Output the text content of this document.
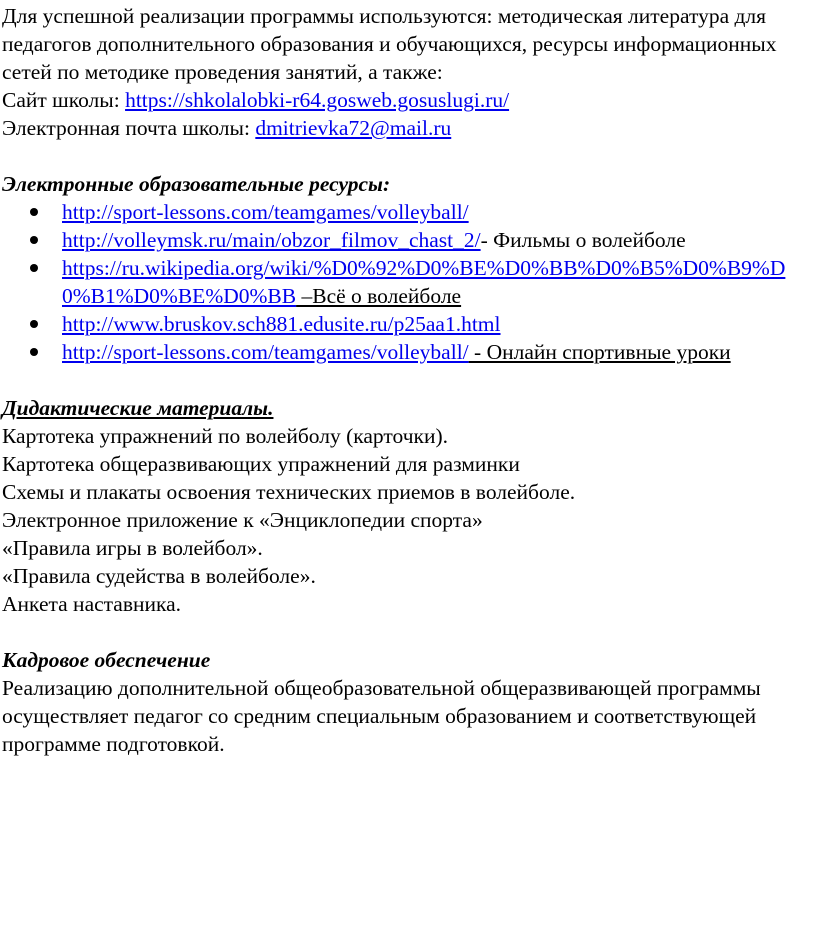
Для успешной реализации программы используются: методическая литература для педагогов дополнительного образования и обучающихся, ресурсы информационных сетей по методике проведения занятий, а также:

Сайт школы: https://shkolalobki-r64.gosweb.gosuslugi.ru/

Электронная почта школы: dmitrievka72@mail.ru

Электронные образовательные ресурсы:

http://sport-lessons.com/teamgames/volleyball/
http://volleymsk.ru/main/obzor_filmov_chast_2/- Фильмы о волейболе
https://ru.wikipedia.org/wiki/%D0%92%D0%BE%D0%BB%D0%B5%D0%B9%D0%B1%D0%BE%D0%BB –Всё о волейболе
http://www.bruskov.sch881.edusite.ru/p25aa1.html
http://sport-lessons.com/teamgames/volleyball/ - Онлайн спортивные уроки

Дидактические материалы.

Картотека упражнений по волейболу (карточки).

Картотека общеразвивающих упражнений для разминки

Схемы и плакаты освоения технических приемов в волейболе.

Электронное приложение к «Энциклопедии спорта»

«Правила игры в волейбол».

«Правила судейства в волейболе».

Анкета наставника.

Кадровое обеспечение

Реализацию дополнительной общеобразовательной общеразвивающей программы осуществляет педагог со средним специальным образованием и соответствующей программе подготовкой.
